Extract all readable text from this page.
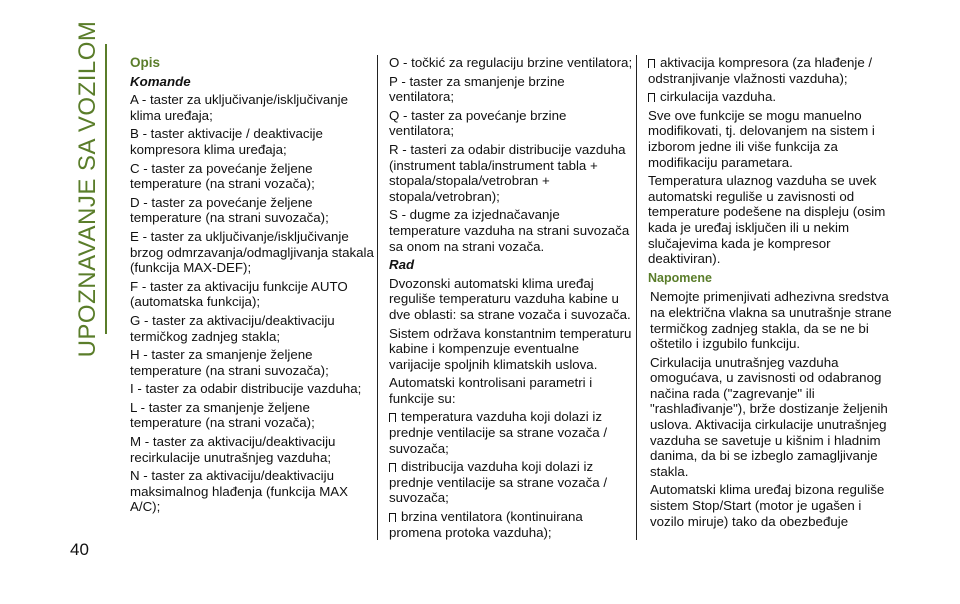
UPOZNAVANJE SA VOZILOM
40

Opis

Komande

A - taster za uključivanje/isključivanje klima uređaja;

B - taster aktivacije / deaktivacije kompresora klima uređaja;

C - taster za povećanje željene temperature (na strani vozača);

D - taster za povećanje željene temperature (na strani suvozača);

E - taster za uključivanje/isključivanje brzog odmrzavanja/odmagljivanja stakala (funkcija MAX-DEF);

F - taster za aktivaciju funkcije AUTO (automatska funkcija);

G - taster za aktivaciju/deaktivaciju termičkog zadnjeg stakla;

H - taster za smanjenje željene temperature (na strani suvozača);

I - taster za odabir distribucije vazduha;

L - taster za smanjenje željene temperature (na strani vozača);

M - taster za aktivaciju/deaktivaciju recirkulacije unutrašnjeg vazduha;

N - taster za aktivaciju/deaktivaciju maksimalnog hlađenja (funkcija MAX A/C);

O - točkić za regulaciju brzine ventilatora;

P - taster za smanjenje brzine ventilatora;

Q - taster za povećanje brzine ventilatora;

R - tasteri za odabir distribucije vazduha (instrument tabla/instrument tabla + stopala/stopala/vetrobran + stopala/vetrobran);

S - dugme za izjednačavanje temperature vazduha na strani suvozača sa onom na strani vozača.

Rad

Dvozonski automatski klima uređaj reguliše temperaturu vazduha kabine u dve oblasti: sa strane vozača i suvozača.

Sistem održava konstantnim temperaturu kabine i kompenzuje eventualne varijacije spoljnih klimatskih uslova.

Automatski kontrolisani parametri i funkcije su:

temperatura vazduha koji dolazi iz prednje ventilacije sa strane vozača / suvozača;

distribucija vazduha koji dolazi iz prednje ventilacije sa strane vozača / suvozača;

brzina ventilatora (kontinuirana promena protoka vazduha);

aktivacija kompresora (za hlađenje / odstranjivanje vlažnosti vazduha);

cirkulacija vazduha.

Sve ove funkcije se mogu manuelno modifikovati, tj. delovanjem na sistem i izborom jedne ili više funkcija za modifikaciju parametara.

Temperatura ulaznog vazduha se uvek automatski reguliše u zavisnosti od temperature podešene na displeju (osim kada je uređaj isključen ili u nekim slučajevima kada je kompresor deaktiviran).

Napomene

Nemojte primenjivati adhezivna sredstva na električna vlakna sa unutrašnje strane termičkog zadnjeg stakla, da se ne bi oštetilo i izgubilo funkciju.

Cirkulacija unutrašnjeg vazduha omogućava, u zavisnosti od odabranog načina rada ("zagrevanje" ili "rashlađivanje"), brže dostizanje željenih uslova. Aktivacija cirkulacije unutrašnjeg vazduha se savetuje u kišnim i hladnim danima, da bi se izbeglo zamagljivanje stakla.

Automatski klima uređaj bizona reguliše sistem Stop/Start (motor je ugašen i vozilo miruje) tako da obezbeđuje
